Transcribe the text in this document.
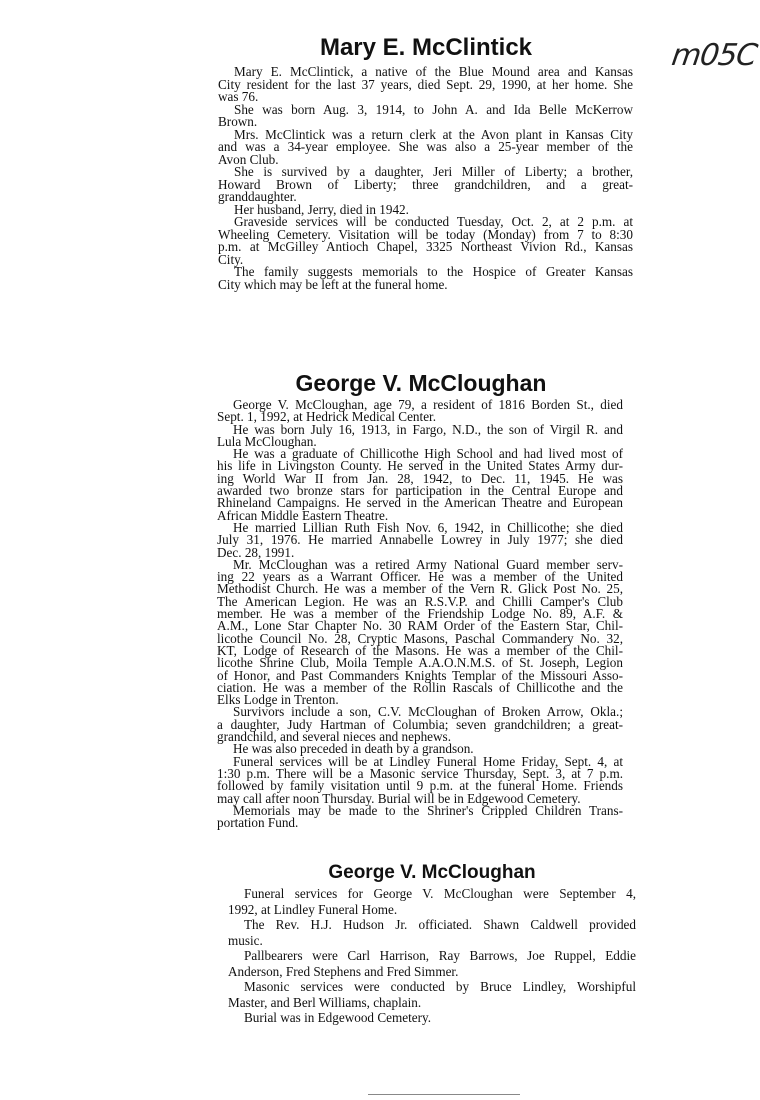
m05C
Mary E. McClintick
Mary E. McClintick, a native of the Blue Mound area and Kansas
City resident for the last 37 years, died Sept. 29, 1990, at her home. She
was 76.
She was born Aug. 3, 1914, to John A. and Ida Belle McKerrow
Brown.
Mrs. McClintick was a return clerk at the Avon plant in Kansas City
and was a 34-year employee. She was also a 25-year member of the
Avon Club.
She is survived by a daughter, Jeri Miller of Liberty; a brother,
Howard Brown of Liberty; three grandchildren, and a great-
granddaughter.
Her husband, Jerry, died in 1942.
Graveside services will be conducted Tuesday, Oct. 2, at 2 p.m. at
Wheeling Cemetery. Visitation will be today (Monday) from 7 to 8:30
p.m. at McGilley Antioch Chapel, 3325 Northeast Vivion Rd., Kansas
City.
The family suggests memorials to the Hospice of Greater Kansas
City which may be left at the funeral home.
George V. McCloughan
George V. McCloughan, age 79, a resident of 1816 Borden St., died
Sept. 1, 1992, at Hedrick Medical Center.
He was born July 16, 1913, in Fargo, N.D., the son of Virgil R. and
Lula McCloughan.
He was a graduate of Chillicothe High School and had lived most of
his life in Livingston County. He served in the United States Army dur-
ing World War II from Jan. 28, 1942, to Dec. 11, 1945. He was
awarded two bronze stars for participation in the Central Europe and
Rhineland Campaigns. He served in the American Theatre and European
African Middle Eastern Theatre.
He married Lillian Ruth Fish Nov. 6, 1942, in Chillicothe; she died
July 31, 1976. He married Annabelle Lowrey in July 1977; she died
Dec. 28, 1991.
Mr. McCloughan was a retired Army National Guard member serv-
ing 22 years as a Warrant Officer. He was a member of the United
Methodist Church. He was a member of the Vern R. Glick Post No. 25,
The American Legion. He was an R.S.V.P. and Chilli Camper's Club
member. He was a member of the Friendship Lodge No. 89, A.F. &
A.M., Lone Star Chapter No. 30 RAM Order of the Eastern Star, Chil-
licothe Council No. 28, Cryptic Masons, Paschal Commandery No. 32,
KT, Lodge of Research of the Masons. He was a member of the Chil-
licothe Shrine Club, Moila Temple A.A.O.N.M.S. of St. Joseph, Legion
of Honor, and Past Commanders Knights Templar of the Missouri Asso-
ciation. He was a member of the Rollin Rascals of Chillicothe and the
Elks Lodge in Trenton.
Survivors include a son, C.V. McCloughan of Broken Arrow, Okla.;
a daughter, Judy Hartman of Columbia; seven grandchildren; a great-
grandchild, and several nieces and nephews.
He was also preceded in death by a grandson.
Funeral services will be at Lindley Funeral Home Friday, Sept. 4, at
1:30 p.m. There will be a Masonic service Thursday, Sept. 3, at 7 p.m.
followed by family visitation until 9 p.m. at the funeral Home. Friends
may call after noon Thursday. Burial will be in Edgewood Cemetery.
Memorials may be made to the Shriner's Crippled Children Trans-
portation Fund.
George V. McCloughan
Funeral services for George V. McCloughan were September 4,
1992, at Lindley Funeral Home.
The Rev. H.J. Hudson Jr. officiated. Shawn Caldwell provided
music.
Pallbearers were Carl Harrison, Ray Barrows, Joe Ruppel, Eddie
Anderson, Fred Stephens and Fred Simmer.
Masonic services were conducted by Bruce Lindley, Worshipful
Master, and Berl Williams, chaplain.
Burial was in Edgewood Cemetery.
